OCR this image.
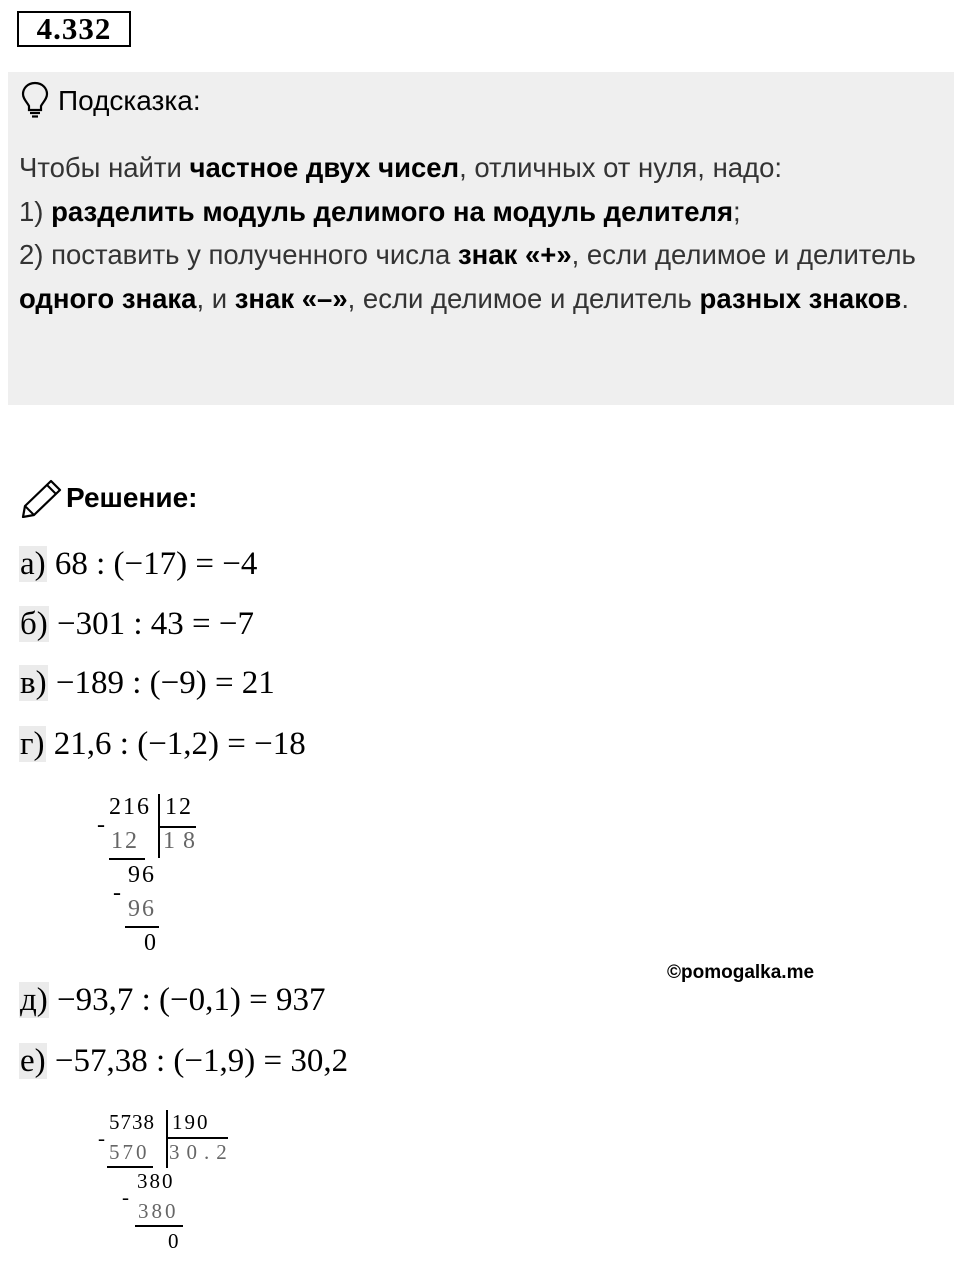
4.332
Подсказка:
Чтобы найти частное двух чисел, отличных от нуля, надо:
1) разделить модуль делимого на модуль делителя;
2) поставить у полученного числа знак «+», если делимое и делитель одного знака, и знак «–», если делимое и делитель разных знаков.
Решение:
а) 68 : (−17) = −4
б) −301 : 43 = −7
в) −189 : (−9) = 21
г) 21,6 : (−1,2) = −18
216 12
-
12 18
96
-
96
0
©pomogalka.me
д) −93,7 : (−0,1) = 937
е) −57,38 : (−1,9) = 30,2
5738 190
-
570 30.2
380
-
380
0
